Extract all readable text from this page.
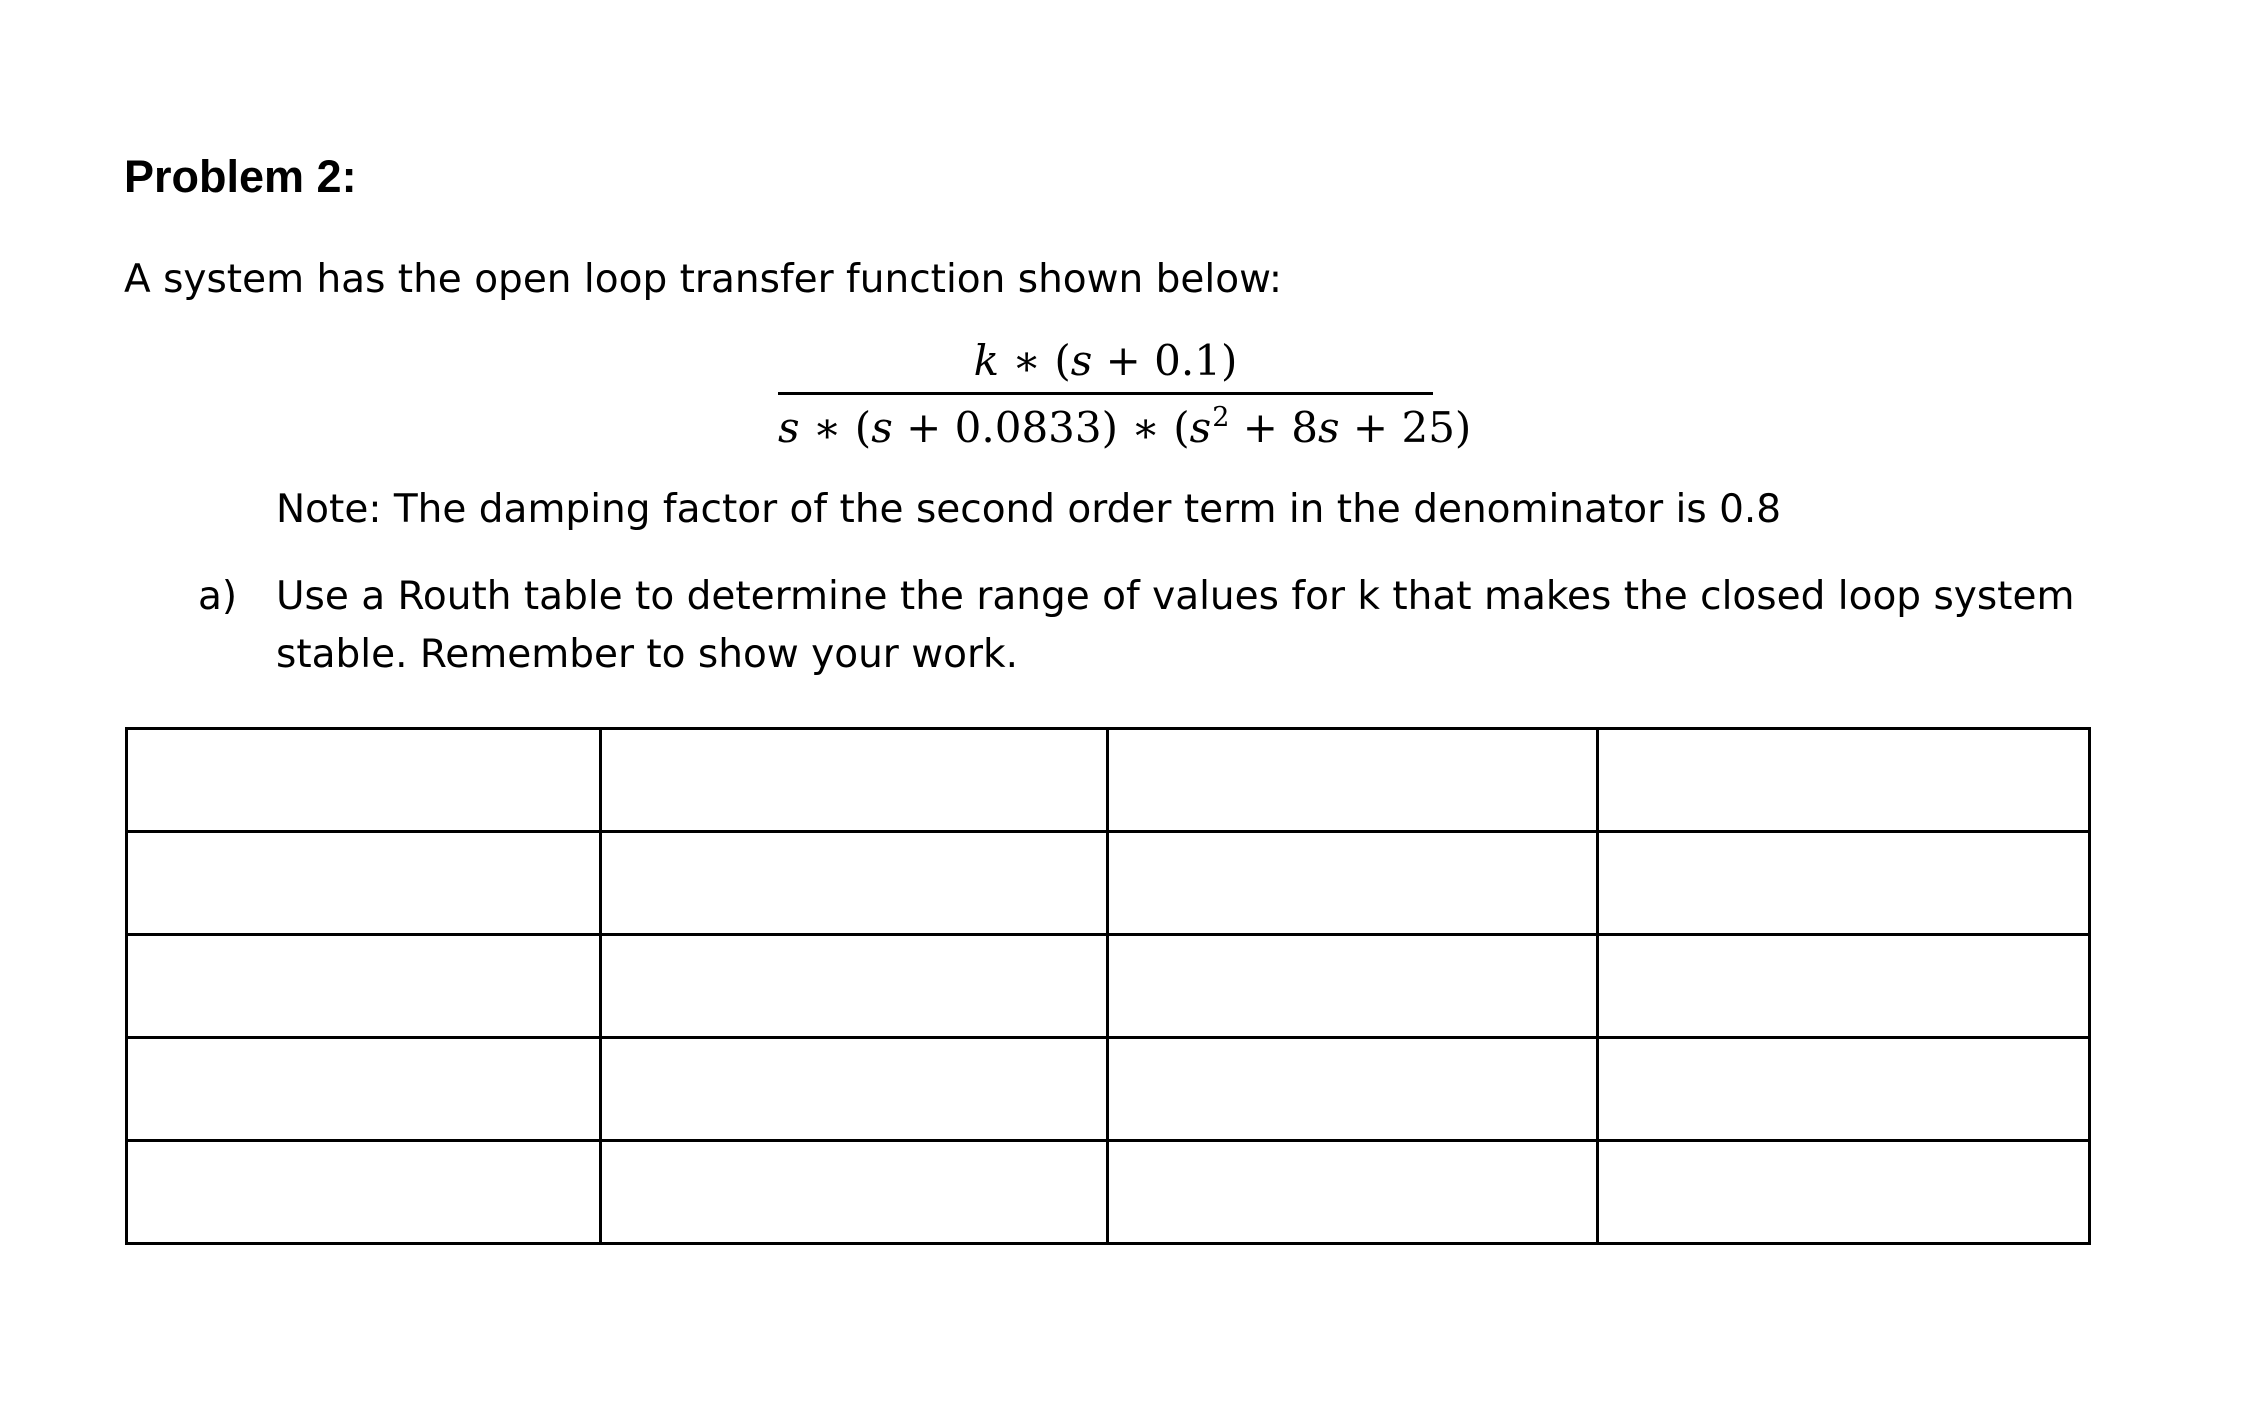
Problem 2:
A system has the open loop transfer function shown below:
k ∗ (s + 0.1)
s ∗ (s + 0.0833) ∗ $(s^2 + 8s + 25)$
Note: The damping factor of the second order term in the denominator is 0.8
a) Use a Routh table to determine the range of values for k that makes the closed loop system stable. Remember to show your work.
